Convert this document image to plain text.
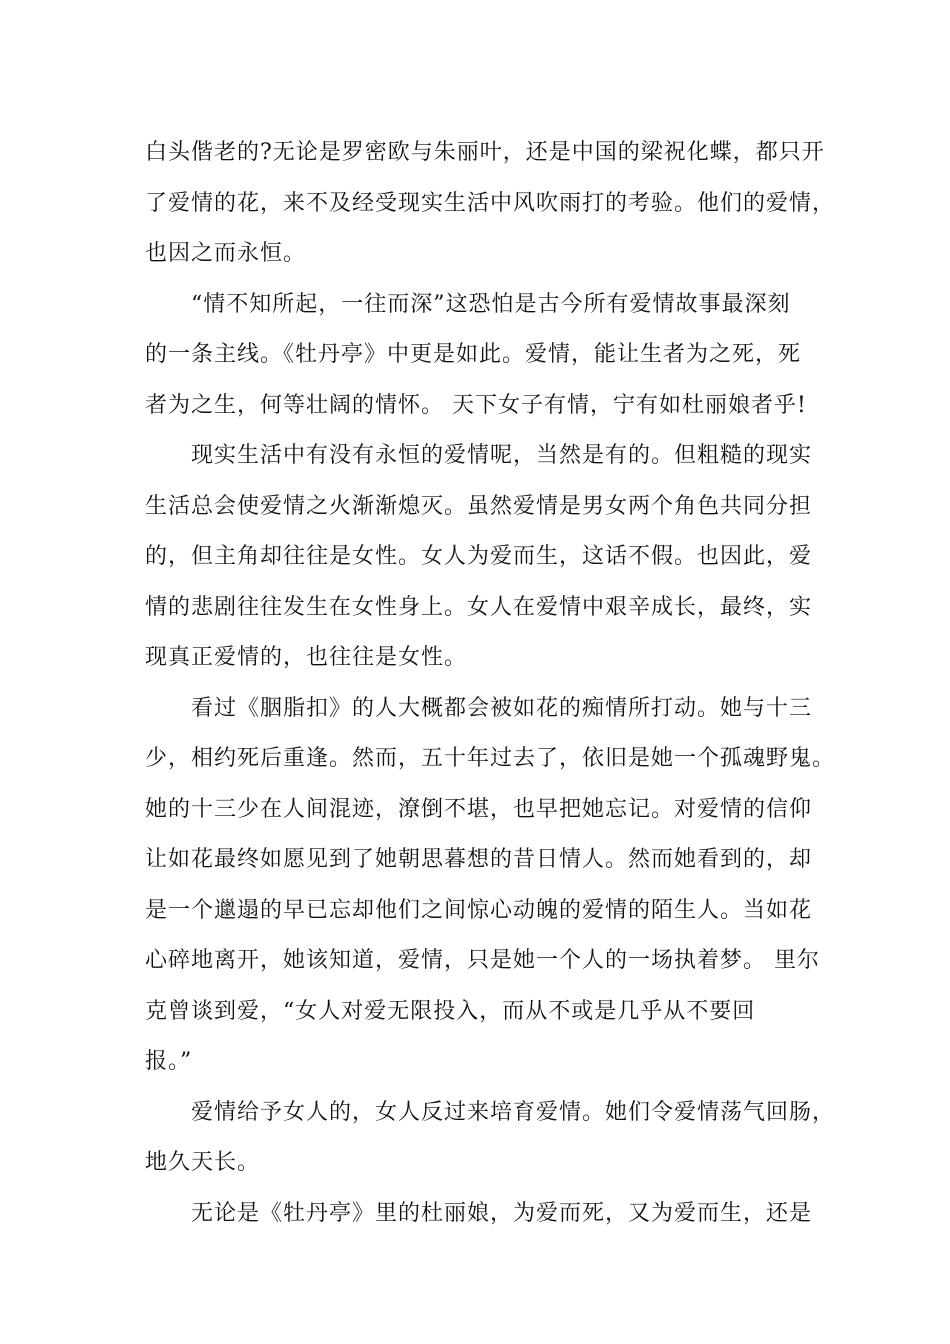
白头偕老的?无论是罗密欧与朱丽叶，还是中国的梁祝化蝶，都只开
了爱情的花，来不及经受现实生活中风吹雨打的考验。他们的爱情，
也因之而永恒。
“情不知所起，一往而深”这恐怕是古今所有爱情故事最深刻
的一条主线。《牡丹亭》中更是如此。爱情，能让生者为之死，死
者为之生，何等壮阔的情怀。 天下女子有情，宁有如杜丽娘者乎!
现实生活中有没有永恒的爱情呢，当然是有的。但粗糙的现实
生活总会使爱情之火渐渐熄灭。虽然爱情是男女两个角色共同分担
的，但主角却往往是女性。女人为爱而生，这话不假。也因此，爱
情的悲剧往往发生在女性身上。女人在爱情中艰辛成长，最终，实
现真正爱情的，也往往是女性。
看过《胭脂扣》的人大概都会被如花的痴情所打动。她与十三
少，相约死后重逢。然而，五十年过去了，依旧是她一个孤魂野鬼。
她的十三少在人间混迹，潦倒不堪，也早把她忘记。对爱情的信仰
让如花最终如愿见到了她朝思暮想的昔日情人。然而她看到的，却
是一个邋遢的早已忘却他们之间惊心动魄的爱情的陌生人。当如花
心碎地离开，她该知道，爱情，只是她一个人的一场执着梦。 里尔
克曾谈到爱，“女人对爱无限投入，而从不或是几乎从不要回
报。”
爱情给予女人的，女人反过来培育爱情。她们令爱情荡气回肠，
地久天长。
无论是《牡丹亭》里的杜丽娘，为爱而死，又为爱而生，还是
